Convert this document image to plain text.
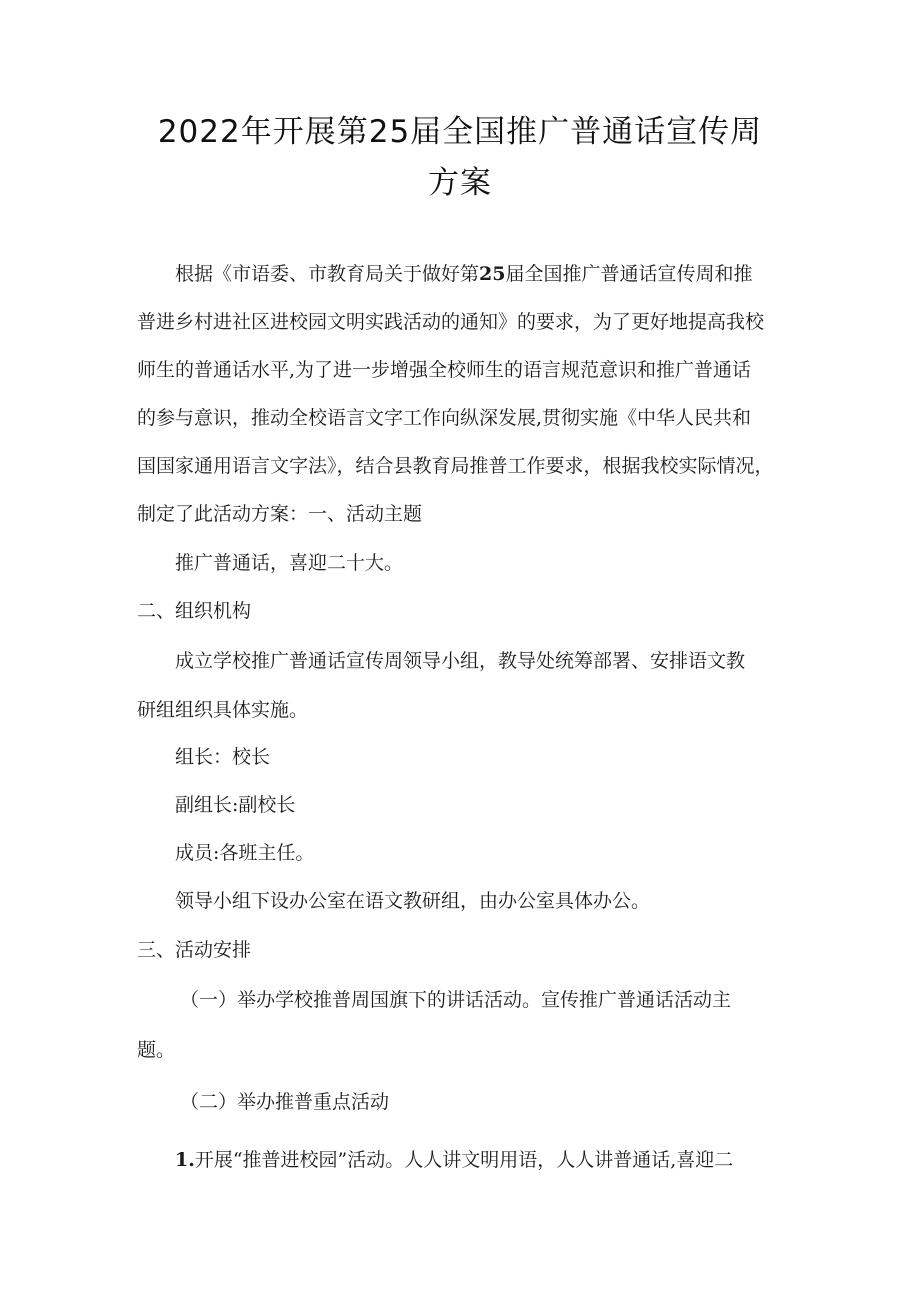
2022年开展第25届全国推广普通话宣传周
方案
根据《市语委、市教育局关于做好第25届全国推广普通话宣传周和推
普进乡村进社区进校园文明实践活动的通知》的要求，为了更好地提高我校
师生的普通话水平,为了进一步增强全校师生的语言规范意识和推广普通话
的参与意识，推动全校语言文字工作向纵深发展,贯彻实施《中华人民共和
国国家通用语言文字法》，结合县教育局推普工作要求，根据我校实际情况，
制定了此活动方案：一、活动主题
推广普通话，喜迎二十大。
二、组织机构
成立学校推广普通话宣传周领导小组，教导处统筹部署、安排语文教
研组组织具体实施。
组长：校长
副组长:副校长
成员:各班主任。
领导小组下设办公室在语文教研组，由办公室具体办公。
三、活动安排
（一）举办学校推普周国旗下的讲话活动。宣传推广普通话活动主
题。
（二）举办推普重点活动
1.开展“推普进校园”活动。人人讲文明用语，人人讲普通话,喜迎二
